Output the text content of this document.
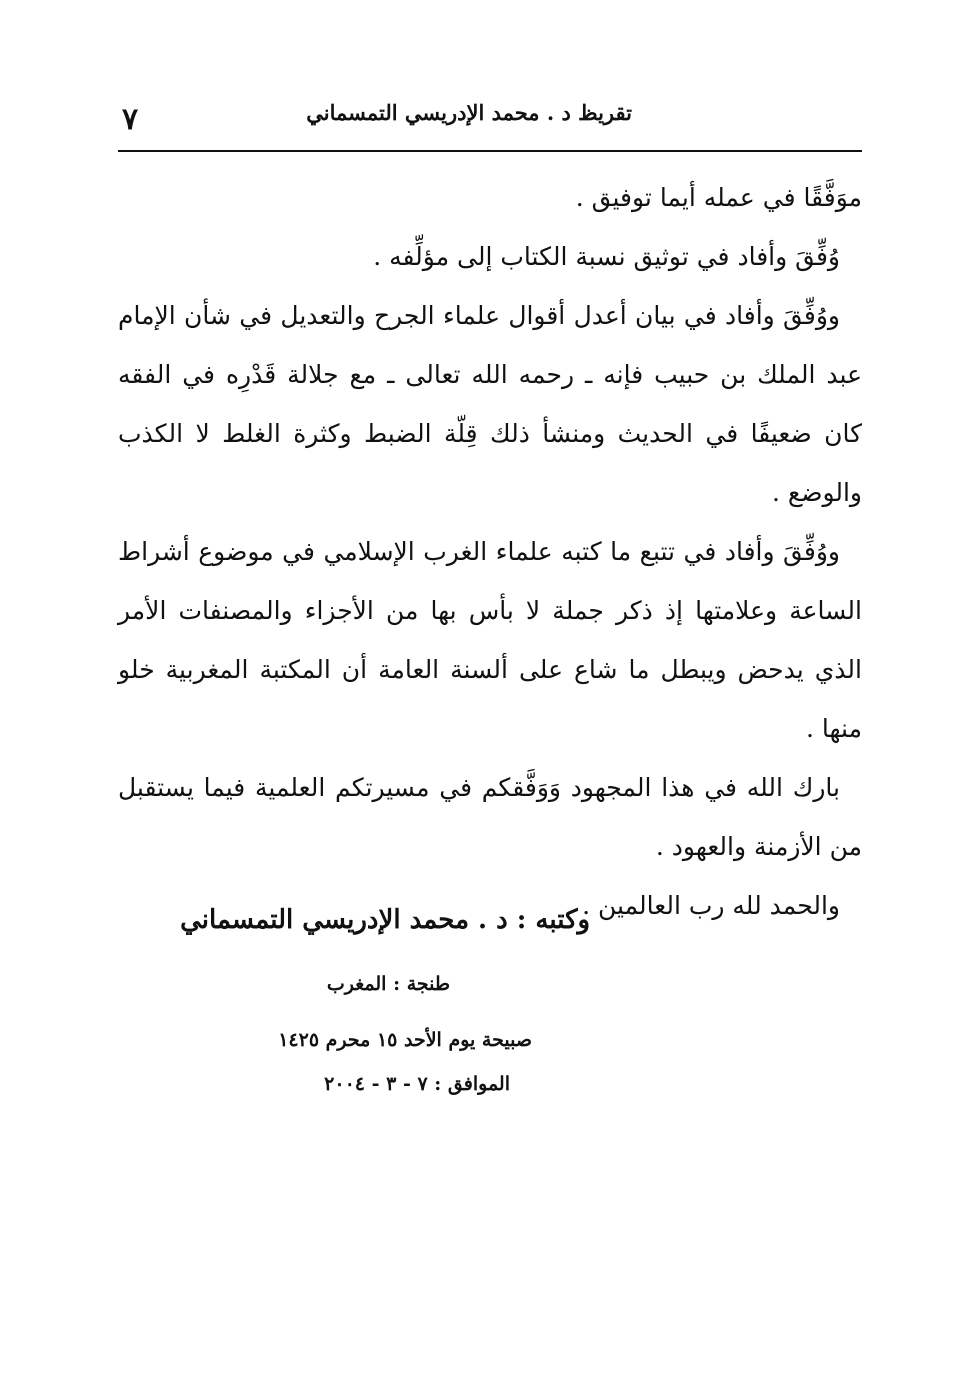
٧	تقريظ د . محمد الإدريسي التمسماني

موَفَّقًا في عمله أيما توفيق .

وُفِّقَ وأفاد في توثيق نسبة الكتاب إلى مؤلِّفه .

ووُفِّقَ وأفاد في بيان أعدل أقوال علماء الجرح والتعديل في شأن الإمام عبد الملك بن حبيب فإنه ـ رحمه الله تعالى ـ مع جلالة قَدْرِه في الفقه كان ضعيفًا في الحديث ومنشأ ذلك قِلّة الضبط وكثرة الغلط لا الكذب والوضع .

ووُفِّقَ وأفاد في تتبع ما كتبه علماء الغرب الإسلامي في موضوع أشراط الساعة وعلامتها إذ ذكر جملة لا بأس بها من الأجزاء والمصنفات الأمر الذي يدحض ويبطل ما شاع على ألسنة العامة أن المكتبة المغربية خلو منها .

بارك الله في هذا المجهود وَوَفَّقكم في مسيرتكم العلمية فيما يستقبل من الأزمنة والعهود .

والحمد لله رب العالمين .

وكتبه : د . محمد الإدريسي التمسماني
طنجة : المغرب
صبيحة يوم الأحد ١٥ محرم ١٤٢٥
الموافق : ٧ - ٣ - ٢٠٠٤
